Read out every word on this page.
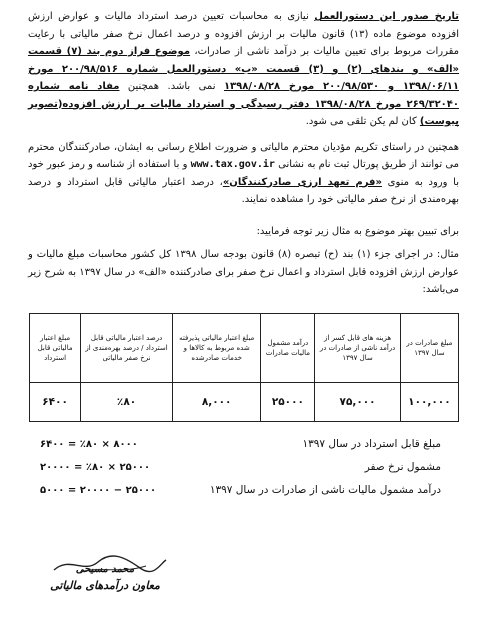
تاریخ صدور این دستورالعمل نیازی به محاسبات تعیین درصد استرداد مالیات و عوارض ارزش افزوده موضوع ماده (۱۳) قانون مالیات بر ارزش افزوده و درصد اعمال نرخ صفر مالیاتی با رعایت مقررات مربوط برای تعیین مالیات بر درآمد ناشی از صادرات، موضوع فراز دوم بند (۷) قسمت «الف» و بندهای (۲) و (۳) قسمت «ب» دستورالعمل شماره ۲۰۰/۹۸/۵۱۶ مورخ ۱۳۹۸/۰۶/۱۱ و ۲۰۰/۹۸/۵۳۰ مورخ ۱۳۹۸/۰۸/۲۸ نمی باشد. همچنین مفاد نامه شماره ۲۶۹/۳۲۰۴۰ مورخ ۱۳۹۸/۰۸/۲۸ دفتر رسیدگی و استرداد مالیات بر ارزش افزوده(تصویر پیوست) کان لم یکن تلقی می شود.

همچنین در راستای تکریم مؤدیان محترم مالیاتی و ضرورت اطلاع رسانی به ایشان، صادرکنندگان محترم می توانند از طریق پورتال ثبت نام به نشانی www.tax.gov.ir و با استفاده از شناسه و رمز عبور خود با ورود به منوی «فرم تعهد ارزی صادرکنندگان»، درصد اعتبار مالیاتی قابل استرداد و درصد بهره‌مندی از نرخ صفر مالیاتی خود را مشاهده نمایند.

برای تبیین بهتر موضوع به مثال زیر توجه فرمایید:

مثال: در اجرای جزء (۱) بند (ح) تبصره (۸) قانون بودجه سال ۱۳۹۸ کل کشور محاسبات مبلغ مالیات و عوارض ارزش افزوده قابل استرداد و اعمال نرخ صفر برای صادرکننده «الف» در سال ۱۳۹۷ به شرح زیر می‌باشد:

مبلغ صادرات در سال ۱۳۹۷	هزینه های قابل کسر از درآمد ناشی از صادرات در سال ۱۳۹۷	درآمد مشمول مالیات صادرات	مبلغ اعتبار مالیاتی پذیرفته شده مربوط به کالاها و خدمات صادرشده	درصد اعتبار مالیاتی قابل استرداد / درصد بهره‌مندی از نرخ صفر مالیاتی	مبلغ اعتبار مالیاتی قابل استرداد
۱۰۰,۰۰۰	۷۵,۰۰۰	۲۵۰۰۰	۸,۰۰۰	٪۸۰	۶۴۰۰
مبلغ قابل استرداد در سال ۱۳۹۷
مشمول نرخ صفر
درآمد مشمول مالیات ناشی از صادرات در سال ۱۳۹۷
۸۰۰۰ × ٪۸۰ = ۶۴۰۰
۲۵۰۰۰ × ٪۸۰ = ۲۰۰۰۰
۲۵۰۰۰ − ۲۰۰۰۰ = ۵۰۰۰
محمد مسیحی
معاون درآمدهای مالیاتی
